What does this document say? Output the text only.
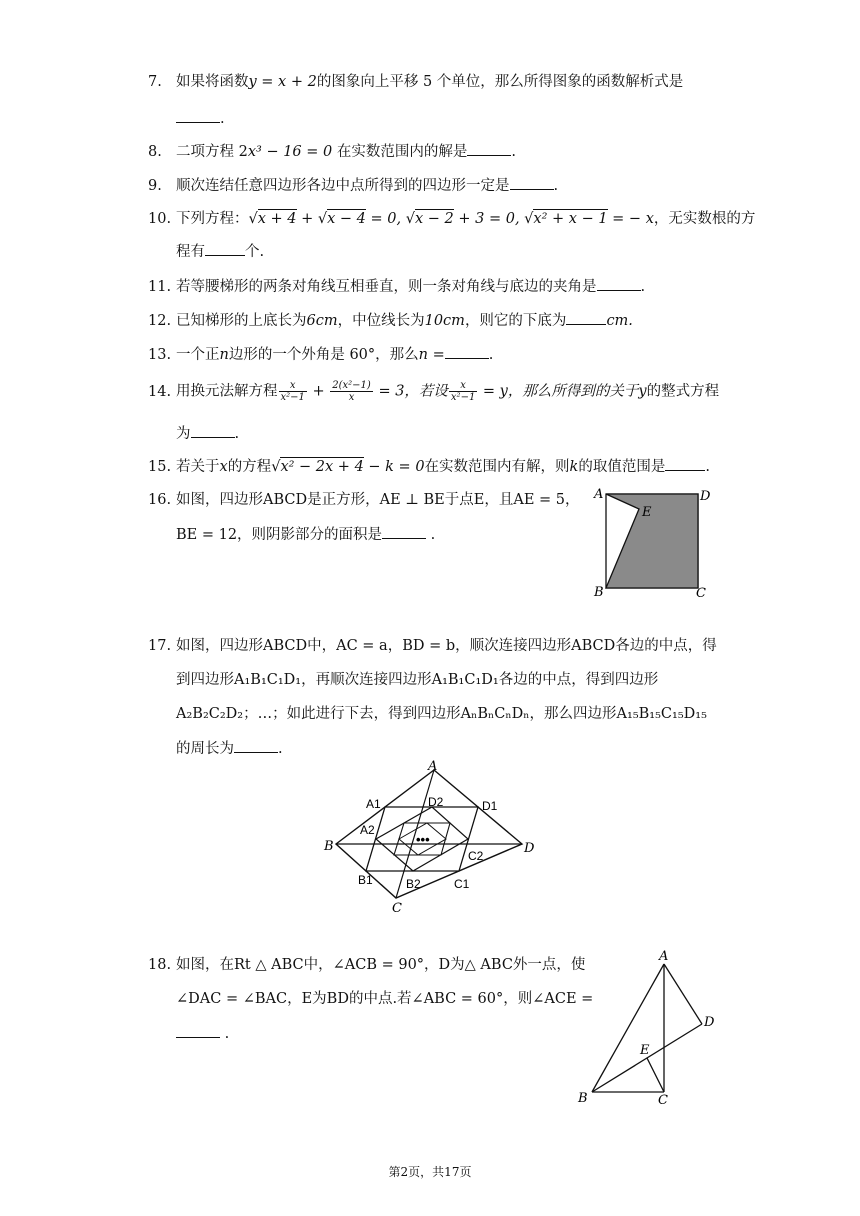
7. 如果将函数y = x + 2的图象向上平移 5 个单位，那么所得图象的函数解析式是
.
8. 二项方程 2x³ − 16 = 0 在实数范围内的解是	.
9. 顺次连结任意四边形各边中点所得到的四边形一定是	.
10. 下列方程：√x + 4 + √x − 4 = 0, √x − 2 + 3 = 0, √x² + x − 1 = − x，无实数根的方
程有	个.
11. 若等腰梯形的两条对角线互相垂直，则一条对角线与底边的夹角是	.
12. 已知梯形的上底长为6cm，中位线长为10cm，则它的下底为	cm.
13. 一个正n边形的一个外角是 60°，那么n =	.
14. 用换元法解方程 $\frac{x}{\text{x²−1}} + \frac{\text{2(x²−1)}}{x} = 3$，若设 $\frac{x}{\text{x²−1}} = y$，那么所得到的关于y的整式方程
为	.
15. 若关于x的方程√x² − 2x + 4 − k = 0在实数范围内有解，则k的取值范围是	.
16. 如图，四边形ABCD是正方形，AE ⊥ BE于点E，且AE = 5，
BE = 12，则阴影部分的面积是	.
A	D
E
B	C
17. 如图，四边形ABCD中，AC = a，BD = b，顺次连接四边形ABCD各边的中点，得
到四边形A₁B₁C₁D₁，再顺次连接四边形A₁B₁C₁D₁各边的中点，得到四边形
A₂B₂C₂D₂；…；如此进行下去，得到四边形AₙBₙCₙDₙ，那么四边形A₁₅B₁₅C₁₅D₁₅
的周长为	.
•••
A
A1	D2	D1
A2
B	D
C2
B1	B2	C1
C
18. 如图，在Rt △ ABC中，∠ACB = 90°，D为△ ABC外一点，使
∠DAC = ∠BAC，E为BD的中点.若∠ABC = 60°，则∠ACE =
.
A
D
E
B	C
第2页，共17页
